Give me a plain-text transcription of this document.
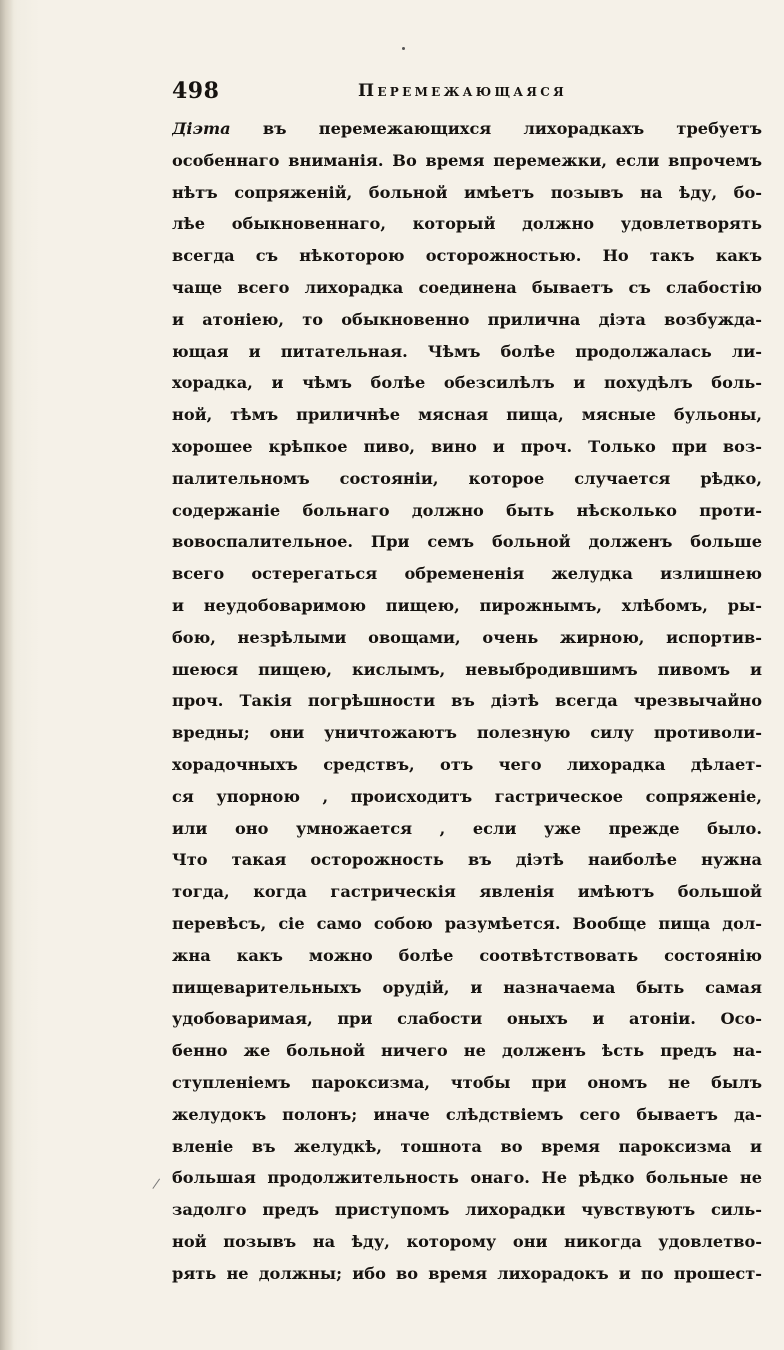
498	Перемежающаяся
Діэта въ перемежающихся лихорадкахъ требуетъ
особеннаго вниманія. Во время перемежки, если впрочемъ
нѣтъ сопряженій, больной имѣетъ позывъ на ѣду, бо-
лѣе обыкновеннаго, который должно удовлетворять
всегда съ нѣкоторою осторожностью. Но такъ какъ
чаще всего лихорадка соединена бываетъ съ слабостію
и атоніею, то обыкновенно прилична діэта возбужда-
ющая и питательная. Чѣмъ болѣе продолжалась ли-
хорадка, и чѣмъ болѣе обезсилѣлъ и похудѣлъ боль-
ной, тѣмъ приличнѣе мясная пища, мясные бульоны,
хорошее крѣпкое пиво, вино и проч. Только при воз-
палительномъ состояніи, которое случается рѣдко,
содержаніе больнаго должно быть нѣсколько проти-
вовоспалительное. При семъ больной долженъ больше
всего остерегаться обремененія желудка излишнею
и неудобоваримою пищею, пирожнымъ, хлѣбомъ, ры-
бою, незрѣлыми овощами, очень жирною, испортив-
шеюся пищею, кислымъ, невыбродившимъ пивомъ и
проч. Такія погрѣшности въ діэтѣ всегда чрезвычайно
вредны; они уничтожаютъ полезную силу противоли-
хорадочныхъ средствъ, отъ чего лихорадка дѣлает-
ся упорною , происходитъ гастрическое сопряженіе,
или оно умножается , если уже прежде было.
Что такая осторожность въ діэтѣ наиболѣе нужна
тогда, когда гастрическія явленія имѣютъ большой
перевѣсъ, сіе само собою разумѣется. Вообще пища дол-
жна какъ можно болѣе соотвѣтствовать состоянію
пищеварительныхъ орудій, и назначаема быть самая
удобоваримая, при слабости оныхъ и атоніи. Осо-
бенно же больной ничего не долженъ ѣсть предъ на-
ступленіемъ пароксизма, чтобы при ономъ не былъ
желудокъ полонъ; иначе слѣдствіемъ сего бываетъ да-
вленіе въ желудкѣ, тошнота во время пароксизма и
большая продолжительность онаго. Не рѣдко больные не
задолго предъ приступомъ лихорадки чувствуютъ силь-
ной позывъ на ѣду, которому они никогда удовлетво-
рять не должны; ибо во время лихорадокъ и по прошест-
